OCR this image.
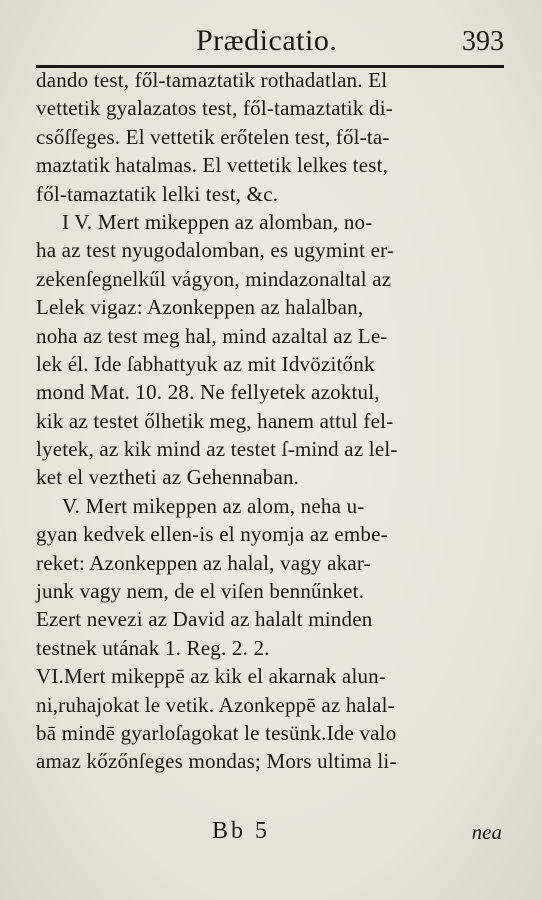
Prædicatio.	393
dando test, fől-tamaztatik rothadatlan. El
vettetik gyalazatos test, fől-tamaztatik di-
csőſſeges. El vettetik erőtelen test, fől-ta-
maztatik hatalmas. El vettetik lelkes test,
fől-tamaztatik lelki test, &c.
I V. Mert mikeppen az alomban, no-
ha az test nyugodalomban, es ugymint er-
zekenſegnelkűl vágyon, mindazonaltal az
Lelek vigaz: Azonkeppen az halalban,
noha az test meg hal, mind azaltal az Le-
lek él. Ide ſabhattyuk az mit Idvözitőnk
mond Mat. 10. 28. Ne fellyetek azoktul,
kik az testet őlhetik meg, hanem attul fel-
lyetek, az kik mind az testet ſ-mind az lel-
ket el veztheti az Gehennaban.
V. Mert mikeppen az alom, neha u-
gyan kedvek ellen-is el nyomja az embe-
reket: Azonkeppen az halal, vagy akar-
junk vagy nem, de el viſen bennűnket.
Ezert nevezi az David az halalt minden
testnek utának 1. Reg. 2. 2.
VI.Mert mikeppē az kik el akarnak alun-
ni,ruhajokat le vetik. Azonkeppē az halal-
bā mindē gyarloſagokat le tesünk.Ide valo
amaz kőzőnſeges mondas; Mors ultima li-
Bb 5	nea
